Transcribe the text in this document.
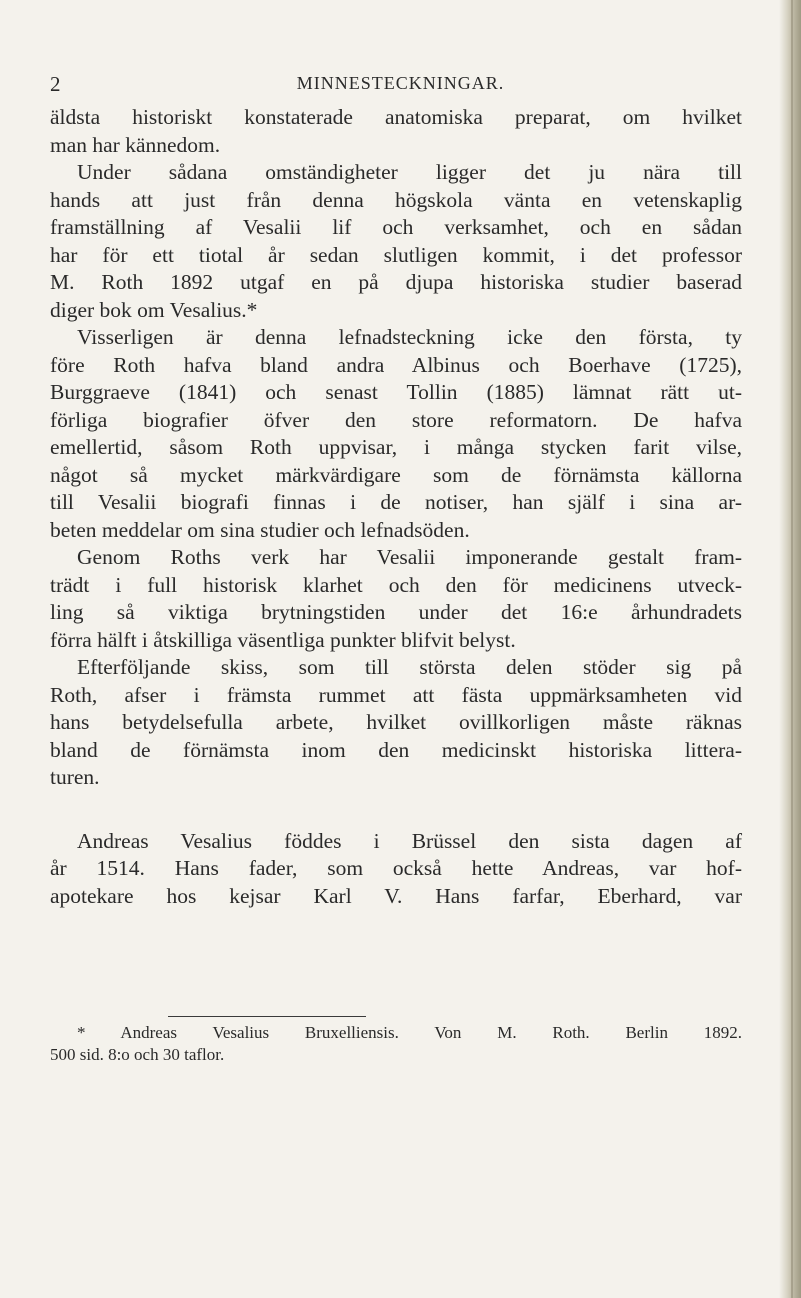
2	MINNESTECKNINGAR.
äldsta historiskt konstaterade anatomiska preparat, om hvilket
man har kännedom.
Under sådana omständigheter ligger det ju nära till
hands att just från denna högskola vänta en vetenskaplig
framställning af Vesalii lif och verksamhet, och en sådan
har för ett tiotal år sedan slutligen kommit, i det professor
M. Roth 1892 utgaf en på djupa historiska studier baserad
diger bok om Vesalius.*
Visserligen är denna lefnadsteckning icke den första, ty
före Roth hafva bland andra Albinus och Boerhave (1725),
Burggraeve (1841) och senast Tollin (1885) lämnat rätt ut-
förliga biografier öfver den store reformatorn. De hafva
emellertid, såsom Roth uppvisar, i många stycken farit vilse,
något så mycket märkvärdigare som de förnämsta källorna
till Vesalii biografi finnas i de notiser, han själf i sina ar-
beten meddelar om sina studier och lefnadsöden.
Genom Roths verk har Vesalii imponerande gestalt fram-
trädt i full historisk klarhet och den för medicinens utveck-
ling så viktiga brytningstiden under det 16:e århundradets
förra hälft i åtskilliga väsentliga punkter blifvit belyst.
Efterföljande skiss, som till största delen stöder sig på
Roth, afser i främsta rummet att fästa uppmärksamheten vid
hans betydelsefulla arbete, hvilket ovillkorligen måste räknas
bland de förnämsta inom den medicinskt historiska littera-
turen.
Andreas Vesalius föddes i Brüssel den sista dagen af
år 1514. Hans fader, som också hette Andreas, var hof-
apotekare hos kejsar Karl V. Hans farfar, Eberhard, var
* Andreas Vesalius Bruxelliensis. Von M. Roth. Berlin 1892.
500 sid. 8:o och 30 taflor.
